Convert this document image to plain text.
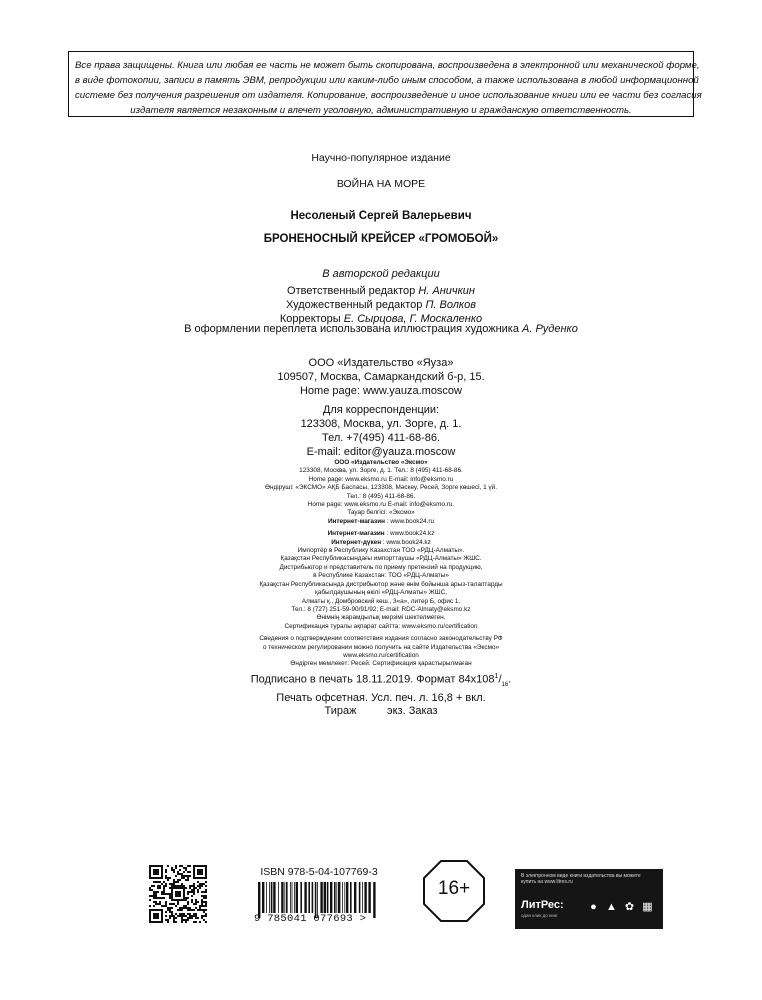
Все права защищены. Книга или любая ее часть не может быть скопирована, воспроизведена в электронной или механической форме,
в виде фотокопии, записи в память ЭВМ, репродукции или каким-либо иным способом, а также использована в любой информационной
системе без получения разрешения от издателя. Копирование, воспроизведение и иное использование книги или ее части без согласия
издателя является незаконным и влечет уголовную, административную и гражданскую ответственность.
Научно-популярное издание
ВОЙНА НА МОРЕ
Несоленый Сергей Валерьевич
БРОНЕНОСНЫЙ КРЕЙСЕР «ГРОМОБОЙ»
В авторской редакции
Ответственный редактор Н. Аничкин
Художественный редактор П. Волков
Корректоры Е. Сырцова, Г. Москаленко
В оформлении переплета использована иллюстрация художника А. Руденко
ООО «Издательство «Яуза»
109507, Москва, Самаркандский б-р, 15.
Home page: www.yauza.moscow
Для корреспонденции:
123308, Москва, ул. Зорге, д. 1.
Тел. +7(495) 411-68-86.
E-mail: editor@yauza.moscow
ООО «Издательство «Эксмо»
123308, Москва, ул. Зорге, д. 1. Тел.: 8 (495) 411-68-86.
Home page: www.eksmo.ru E-mail: info@eksmo.ru
Өндіруші: «ЭКСМО» АҚБ Баспасы, 123308, Мәскеу, Ресей, Зорге көшесі, 1 үй.
Тел.: 8 (495) 411-68-86.
Home page: www.eksmo.ru E-mail: info@eksmo.ru.
Тауар белгісі: «Эксмо»
Интернет-магазин : www.book24.ru
Интернет-магазин : www.book24.kz
Интернет-дүкен : www.book24.kz
Импортёр в Республику Казахстан ТОО «РДЦ-Алматы».
Қазақстан Республикасындағы импорттаушы «РДЦ-Алматы» ЖШС.
Дистрибьютор и представитель по приему претензий на продукцию,
в Республике Казахстан: ТОО «РДЦ-Алматы»
Қазақстан Республикасында дистрибьютор және өнім бойынша арыз-талаптарды
қабылдаушының өкілі «РДЦ-Алматы» ЖШС,
Алматы қ., Домбровский көш., 3«а», литер Б, офис 1.
Тел.: 8 (727) 251-59-90/91/92; E-mail: RDC-Almaty@eksmo.kz
Өнімнің жарамдылық мерзімі шектелмеген.
Сертификация туралы ақпарат сайтта: www.eksmo.ru/certification
Сведения о подтверждении соответствия издания согласно законодательству РФ
о техническом регулировании можно получить на сайте Издательства «Эксмо»
www.eksmo.ru/certification
Өндірген мемлекет: Ресей. Сертификация қарастырылмаған
Подписано в печать 18.11.2019. Формат $84х108^1/_{16}$.
Печать офсетная. Усл. печ. л. 16,8 + вкл.
Тираж          экз. Заказ
ISBN 978-5-04-107769-3
9 785041 077693 >
16+
В электронном виде книги издательства вы можете
купить на www.litres.ru
ЛитРес:
один клик до книг
● ▲ ✿ ▦
